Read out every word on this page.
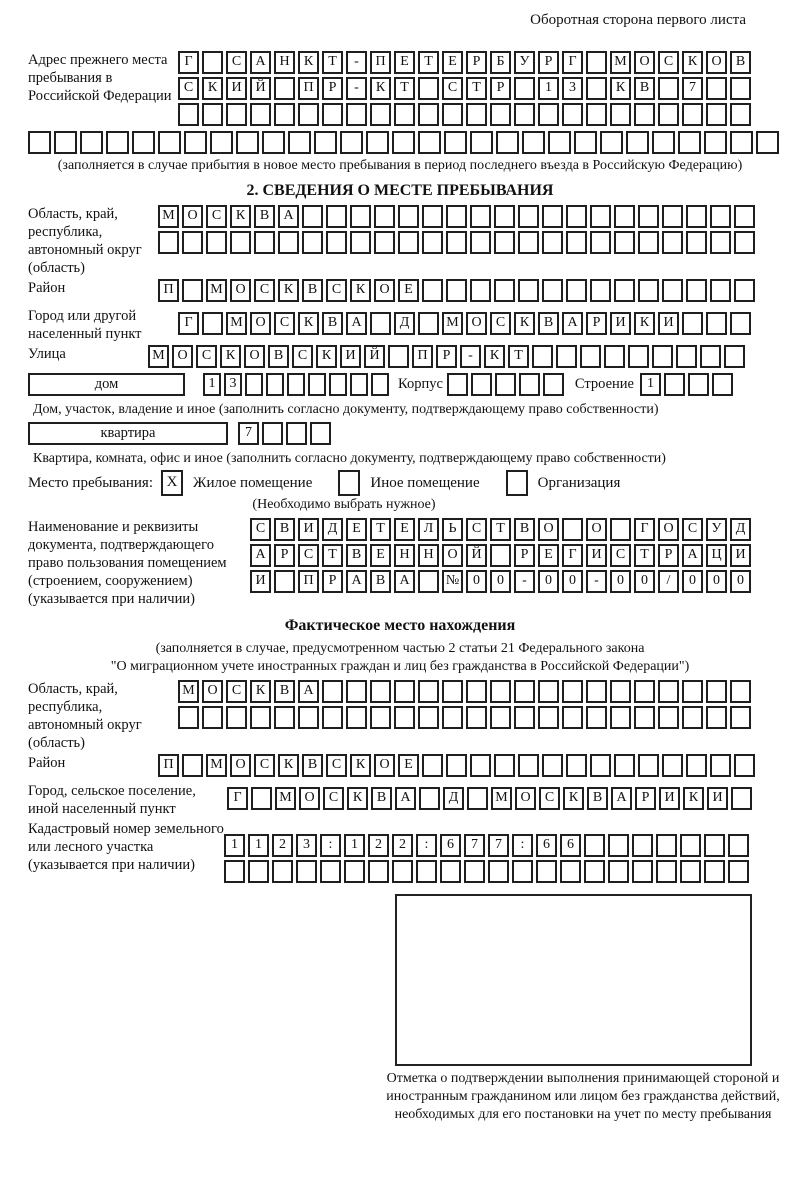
Оборотная сторона первого листа
Адрес прежнего места пребывания в Российской Федерации
Г	С А Н К Т - П Е Т Е Р Б У Р Г	М О С К О В
С К И Й	П Р - К Т	С Т Р	1 3	К В	7
(заполняется в случае прибытия в новое место пребывания в период последнего въезда в Российскую Федерацию)
2. СВЕДЕНИЯ О МЕСТЕ ПРЕБЫВАНИЯ
Область, край, республика, автономный округ (область)
М О С К В А
Район	П	М О С К В С К О Е
Город или другой населенный пункт
Г	М О С К В А	Д	М О С К В А Р И К И
Улица	М О С К О В С К И Й	П Р - К Т
дом	1 3	Корпус	Строение 1
Дом, участок, владение и иное (заполнить согласно документу, подтверждающему право собственности)
квартира	7
Квартира, комната, офис и иное (заполнить согласно документу, подтверждающему право собственности)
Место пребывания: X	Жилое помещение	Иное помещение	Организация
(Необходимо выбрать нужное)
Наименование и реквизиты документа, подтверждающего право пользования помещением (строением, сооружением) (указывается при наличии)
С В И Д Е Т Е Л Ь С Т В О	О	Г О С У Д
А Р С Т В Е Н Н О Й	Р Е Г И С Т Р А Ц И
И	П Р А В А	№ 0 0 - 0 0 - 0 0 / 0 0 0
Фактическое место нахождения
(заполняется в случае, предусмотренном частью 2 статьи 21 Федерального закона
"О миграционном учете иностранных граждан и лиц без гражданства в Российской Федерации")
Область, край, республика, автономный округ (область)
М О С К В А
Район	П	М О С К В С К О Е
Город, сельское поселение, иной населенный пункт
Г	М О С К В А	Д	М О С К В А Р И К И
Кадастровый номер земельного или лесного участка (указывается при наличии)
1 1 2 3 : 1 2 2 : 6 7 7 : 6 6
Отметка о подтверждении выполнения принимающей стороной и иностранным гражданином или лицом без гражданства действий, необходимых для его постановки на учет по месту пребывания
